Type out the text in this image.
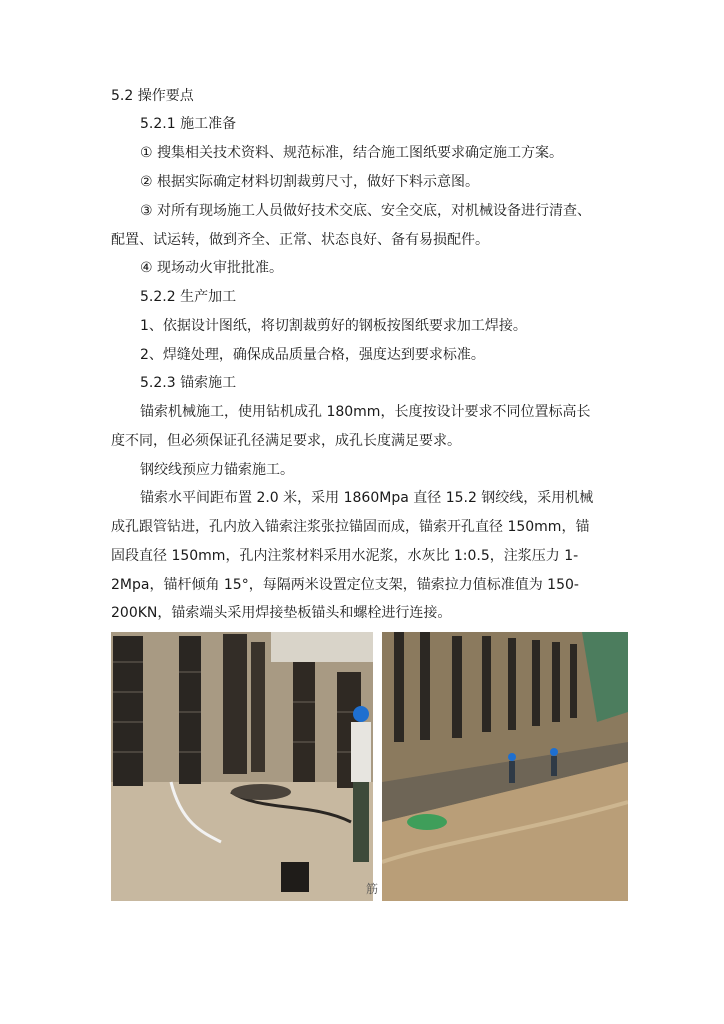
5.2 操作要点
5.2.1 施工准备
① 搜集相关技术资料、规范标准，结合施工图纸要求确定施工方案。
② 根据实际确定材料切割裁剪尺寸，做好下料示意图。
③ 对所有现场施工人员做好技术交底、安全交底，对机械设备进行清查、
配置、试运转，做到齐全、正常、状态良好、备有易损配件。
④ 现场动火审批批准。
5.2.2 生产加工
1、依据设计图纸，将切割裁剪好的钢板按图纸要求加工焊接。
2、焊缝处理，确保成品质量合格，强度达到要求标准。
5.2.3 锚索施工
锚索机械施工，使用钻机成孔 180mm，长度按设计要求不同位置标高长
度不同，但必须保证孔径满足要求，成孔长度满足要求。
钢绞线预应力锚索施工。
锚索水平间距布置 2.0 米，采用 1860Mpa 直径 15.2 钢绞线，采用机械
成孔跟管钻进，孔内放入锚索注浆张拉锚固而成，锚索开孔直径 150mm，锚
固段直径 150mm，孔内注浆材料采用水泥浆，水灰比 1:0.5，注浆压力 1-
2Mpa，锚杆倾角 15°，每隔两米设置定位支架，锚索拉力值标准值为 150-
200KN，锚索端头采用焊接垫板锚头和螺栓进行连接。
筋
